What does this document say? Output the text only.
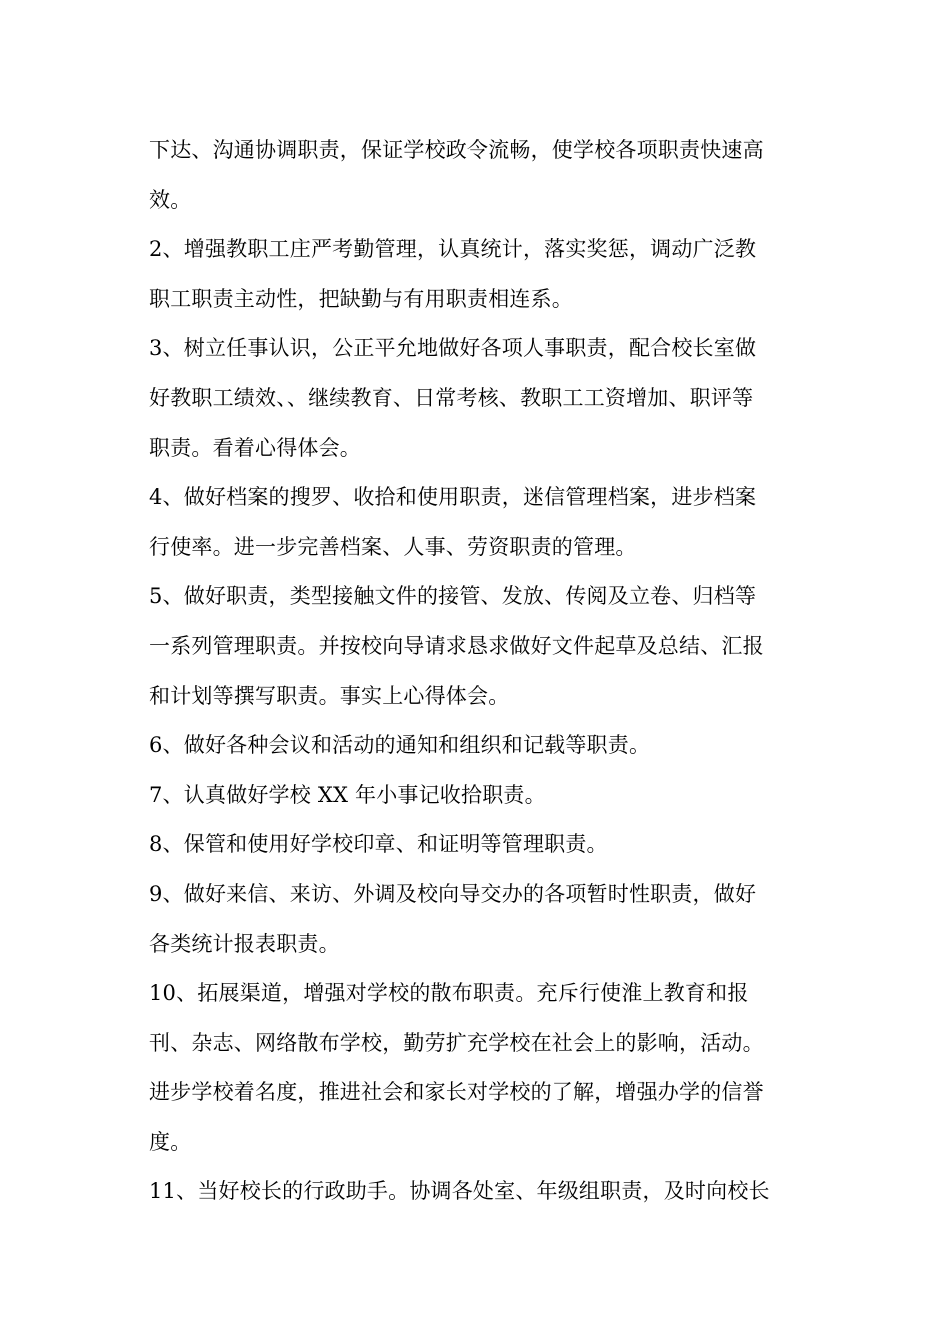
下达、沟通协调职责，保证学校政令流畅，使学校各项职责快速高
效。
2、增强教职工庄严考勤管理，认真统计，落实奖惩，调动广泛教
职工职责主动性，把缺勤与有用职责相连系。
3、树立任事认识，公正平允地做好各项人事职责，配合校长室做
好教职工绩效、、继续教育、日常考核、教职工工资增加、职评等
职责。看着心得体会。
4、做好档案的搜罗、收拾和使用职责，迷信管理档案，进步档案
行使率。进一步完善档案、人事、劳资职责的管理。
5、做好职责，类型接触文件的接管、发放、传阅及立卷、归档等
一系列管理职责。并按校向导请求恳求做好文件起草及总结、汇报
和计划等撰写职责。事实上心得体会。
6、做好各种会议和活动的通知和组织和记载等职责。
7、认真做好学校 XX 年小事记收拾职责。
8、保管和使用好学校印章、和证明等管理职责。
9、做好来信、来访、外调及校向导交办的各项暂时性职责，做好
各类统计报表职责。
10、拓展渠道，增强对学校的散布职责。充斥行使淮上教育和报
刊、杂志、网络散布学校，勤劳扩充学校在社会上的影响，活动。
进步学校着名度，推进社会和家长对学校的了解，增强办学的信誉
度。
11、当好校长的行政助手。协调各处室、年级组职责，及时向校长
